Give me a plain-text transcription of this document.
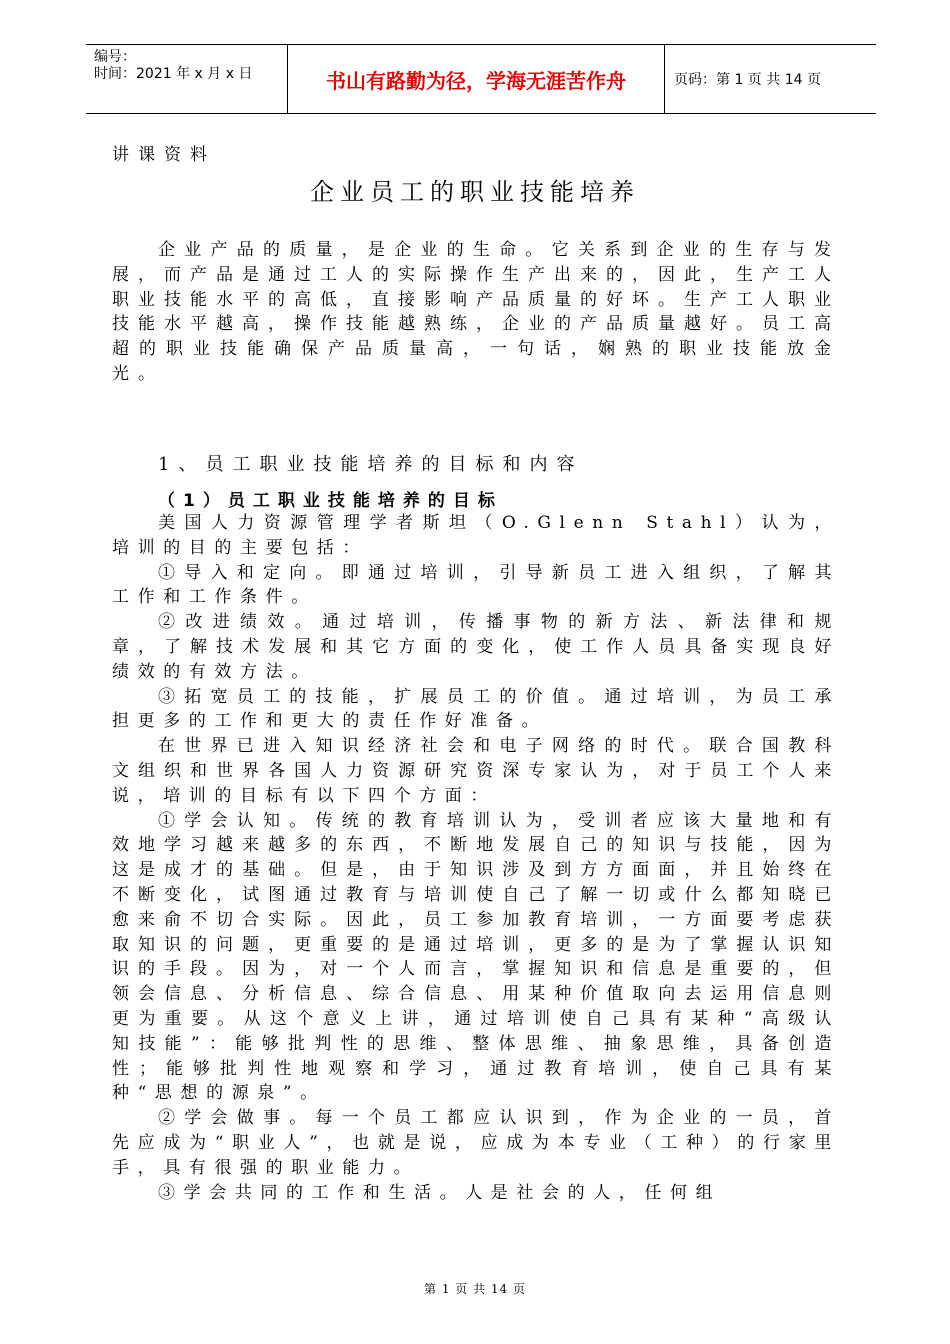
编号：
时间：2021 年 x 月 x 日	书山有路勤为径，学海无涯苦作舟	页码：第 1 页 共 14 页
讲课资料
企业员工的职业技能培养

企业产品的质量，是企业的生命。它关系到企业的生存与发展，而产品是通过工人的实际操作生产出来的，因此，生产工人职业技能水平的高低，直接影响产品质量的好坏。生产工人职业技能水平越高，操作技能越熟练，企业的产品质量越好。员工高超的职业技能确保产品质量高，一句话，娴熟的职业技能放金光。

1、员工职业技能培养的目标和内容
（1）员工职业技能培养的目标

美国人力资源管理学者斯坦（O.Glenn Stahl）认为，培训的目的主要包括：

①导入和定向。即通过培训，引导新员工进入组织，了解其工作和工作条件。

②改进绩效。通过培训，传播事物的新方法、新法律和规章，了解技术发展和其它方面的变化，使工作人员具备实现良好绩效的有效方法。

③拓宽员工的技能，扩展员工的价值。通过培训，为员工承担更多的工作和更大的责任作好准备。

在世界已进入知识经济社会和电子网络的时代。联合国教科文组织和世界各国人力资源研究资深专家认为，对于员工个人来说，培训的目标有以下四个方面：

①学会认知。传统的教育培训认为，受训者应该大量地和有效地学习越来越多的东西，不断地发展自己的知识与技能，因为这是成才的基础。但是，由于知识涉及到方方面面，并且始终在不断变化，试图通过教育与培训使自己了解一切或什么都知晓已愈来俞不切合实际。因此，员工参加教育培训，一方面要考虑获取知识的问题，更重要的是通过培训，更多的是为了掌握认识知识的手段。因为，对一个人而言，掌握知识和信息是重要的，但领会信息、分析信息、综合信息、用某种价值取向去运用信息则更为重要。从这个意义上讲，通过培训使自己具有某种“高级认知技能”：能够批判性的思维、整体思维、抽象思维，具备创造性；能够批判性地观察和学习，通过教育培训，使自己具有某种“思想的源泉”。

②学会做事。每一个员工都应认识到，作为企业的一员，首先应成为“职业人”，也就是说，应成为本专业（工种）的行家里手，具有很强的职业能力。

③学会共同的工作和生活。人是社会的人，任何组

第 1 页 共 14 页
